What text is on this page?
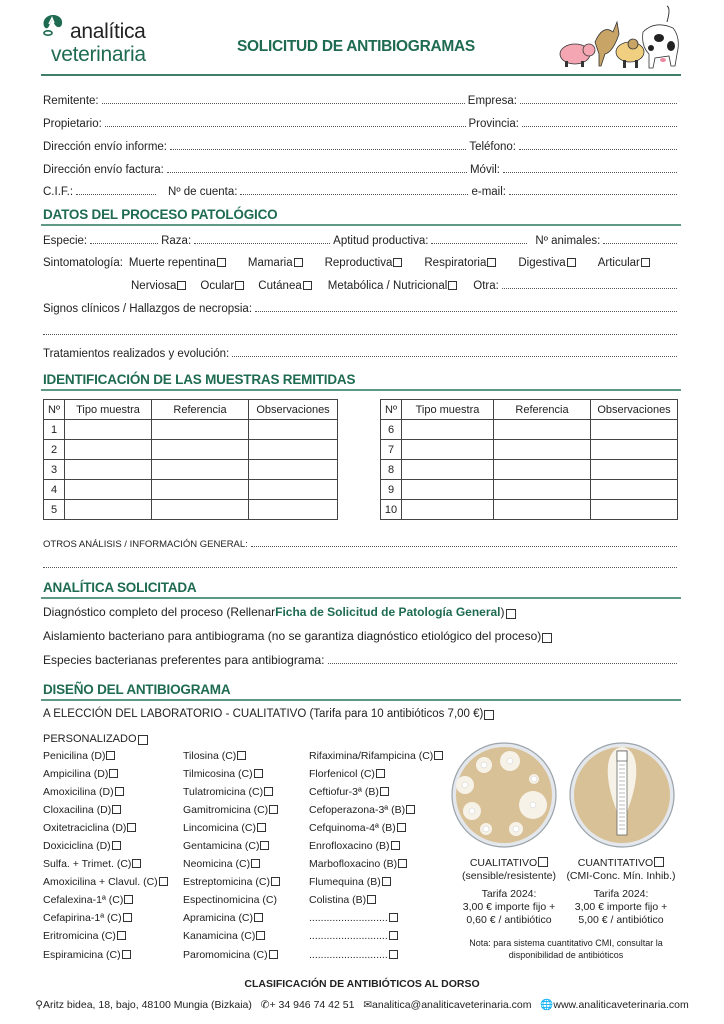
analítica
veterinaria	SOLICITUD DE ANTIBIOGRAMAS
Remitente:	Empresa:
Propietario:	Provincia:
Dirección envío informe:	Teléfono:
Dirección envío factura:	Móvil:
C.I.F.:	Nº de cuenta:	e-mail:
DATOS DEL PROCESO PATOLÓGICO
Especie:	Raza:	Aptitud productiva:	Nº animales:
Sintomatología: Muerte repentina	Mamaria	Reproductiva	Respiratoria	Digestiva	Articular
Nerviosa	Ocular	Cutánea	Metabólica / Nutricional	Otra:
Signos clínicos / Hallazgos de necropsia:
Tratamientos realizados y evolución:
IDENTIFICACIÓN DE LAS MUESTRAS REMITIDAS
Nº	Tipo muestra	Referencia	Observaciones
1			
2			
3			
4			
5			
Nº	Tipo muestra	Referencia	Observaciones
6			
7			
8			
9			
10			
OTROS ANÁLISIS / INFORMACIÓN GENERAL:
ANALÍTICA SOLICITADA
Diagnóstico completo del proceso (Rellenar Ficha de Solicitud de Patología General )
Aislamiento bacteriano para antibiograma (no se garantiza diagnóstico etiológico del proceso)
Especies bacterianas preferentes para antibiograma:
DISEÑO DEL ANTIBIOGRAMA
A ELECCIÓN DEL LABORATORIO - CUALITATIVO (Tarifa para 10 antibióticos 7,00 €)
PERSONALIZADO
Penicilina (D)
Ampicilina (D)
Amoxicilina (D)
Cloxacilina (D)
Oxitetraciclina (D)
Doxiciclina (D)
Sulfa. + Trimet. (C)
Amoxicilina + Clavul. (C)
Cefalexina-1ª (C)
Cefapirina-1ª (C)
Eritromicina (C)
Espiramicina (C)
Tilosina (C)
Tilmicosina (C)
Tulatromicina (C)
Gamitromicina (C)
Lincomicina (C)
Gentamicina (C)
Neomicina (C)
Estreptomicina (C)
Espectinomicina (C)
Apramicina (C)
Kanamicina (C)
Paromomicina (C)
Rifaximina/Rifampicina (C)
Florfenicol (C)
Ceftiofur-3ª (B)
Cefoperazona-3ª (B)
Cefquinoma-4ª (B)
Enrofloxacino (B)
Marbofloxacino (B)
Flumequina (B)
Colistina (B)
...........................
...........................
...........................
CUALITATIVO
(sensible/resistente)
Tarifa 2024:
3,00 € importe fijo +
0,60 € / antibiótico
CUANTITATIVO
(CMI-Conc. Mín. Inhib.)
Tarifa 2024:
3,00 € importe fijo +
5,00 € / antibiótico
Nota: para sistema cuantitativo CMI, consultar la
disponibilidad de antibióticos
CLASIFICACIÓN DE ANTIBIÓTICOS AL DORSO
⚲Aritz bidea, 18, bajo, 48100 Mungia (Bizkaia) ✆+ 34 946 74 42 51 ✉analitica@analiticaveterinaria.com 🌐www.analiticaveterinaria.com
